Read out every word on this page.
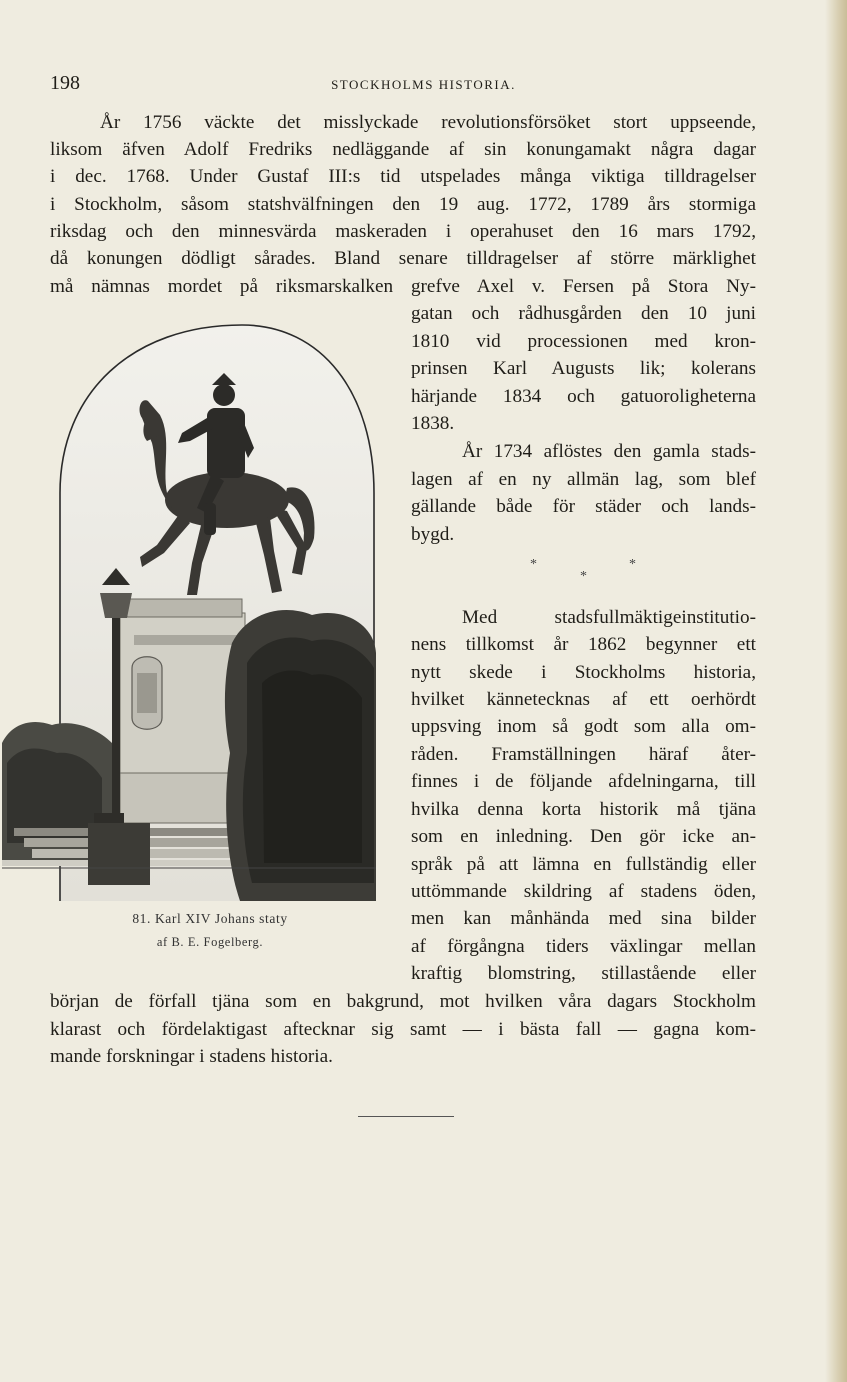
198	STOCKHOLMS HISTORIA.
År 1756 väckte det misslyckade revolutionsförsöket stort uppseende,
liksom äfven Adolf Fredriks nedläggande af sin konungamakt några dagar
i dec. 1768. Under Gustaf III:s tid utspelades många viktiga tilldragelser
i Stockholm, såsom statshvälfningen den 19 aug. 1772, 1789 års stormiga
riksdag och den minnesvärda maskeraden i operahuset den 16 mars 1792,
då konungen dödligt sårades. Bland senare tilldragelser af större märklighet
må nämnas mordet på riksmarskalken grefve Axel v. Fersen på Stora Ny-
gatan och rådhusgården den 10 juni
1810 vid processionen med kron-
prinsen Karl Augusts lik; kolerans
härjande 1834 och gatuoroligheterna
1838.
År 1734 aflöstes den gamla stads-
lagen af en ny allmän lag, som blef
gällande både för städer och lands-
bygd.
*	*
*
Med stadsfullmäktigeinstitutio-
nens tillkomst år 1862 begynner ett
nytt skede i Stockholms historia,
hvilket kännetecknas af ett oerhördt
uppsving inom så godt som alla om-
råden. Framställningen häraf åter-
finnes i de följande afdelningarna, till
hvilka denna korta historik må tjäna
som en inledning. Den gör icke an-
språk på att lämna en fullständig eller
uttömmande skildring af stadens öden,
men kan månhända med sina bilder
af förgångna tiders växlingar mellan
kraftig blomstring, stillastående eller
början de förfall tjäna som en bakgrund, mot hvilken våra dagars Stockholm
klarast och fördelaktigast aftecknar sig samt — i bästa fall — gagna kom-
mande forskningar i stadens historia.
81. Karl XIV Johans staty
af B. E. Fogelberg.
